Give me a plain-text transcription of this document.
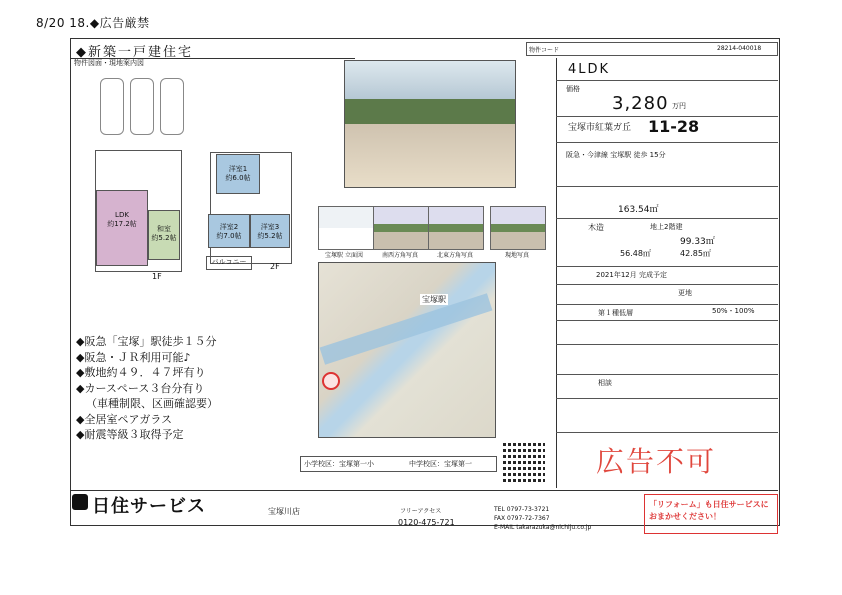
8/20 18.◆広告厳禁
◆新築一戸建住宅	物件コード	28214-040018
物件図面・現地案内図
LDK
約17.2帖
和室
約5.2帖
1F
洋室1
約6.0帖
洋室2
約7.0帖
洋室3
約5.2帖
バルコニー	2F
宝塚駅 立面図	南西方角写真	北東方角写真	現地写真
宝塚駅
◆阪急「宝塚」駅徒歩１５分
◆阪急・ＪＲ利用可能♪
◆敷地約４９．４７坪有り
◆カースペース３台分有り
（車種制限、区画確認要）
◆全居室ペアガラス
◆耐震等級３取得予定
小学校区：宝塚第一小	中学校区：宝塚第一
4LDK
価格
3,280 万円
宝塚市紅葉ガ丘 11-28
阪急・今津線 宝塚駅 徒歩 15分
163.54㎡
木造	地上2階建
99.33㎡
56.48㎡	42.85㎡
2021年12月 完成予定
更地
第１種低層	50%・100%
相談
広告不可
日住サービス	宝塚川店	フリーアクセス
0120-475-721
TEL 0797-73-3721
FAX 0797-72-7367
E-MAIL takarazuka@nichiju.co.jp
「リフォーム」も日住サービスに
おまかせください！
